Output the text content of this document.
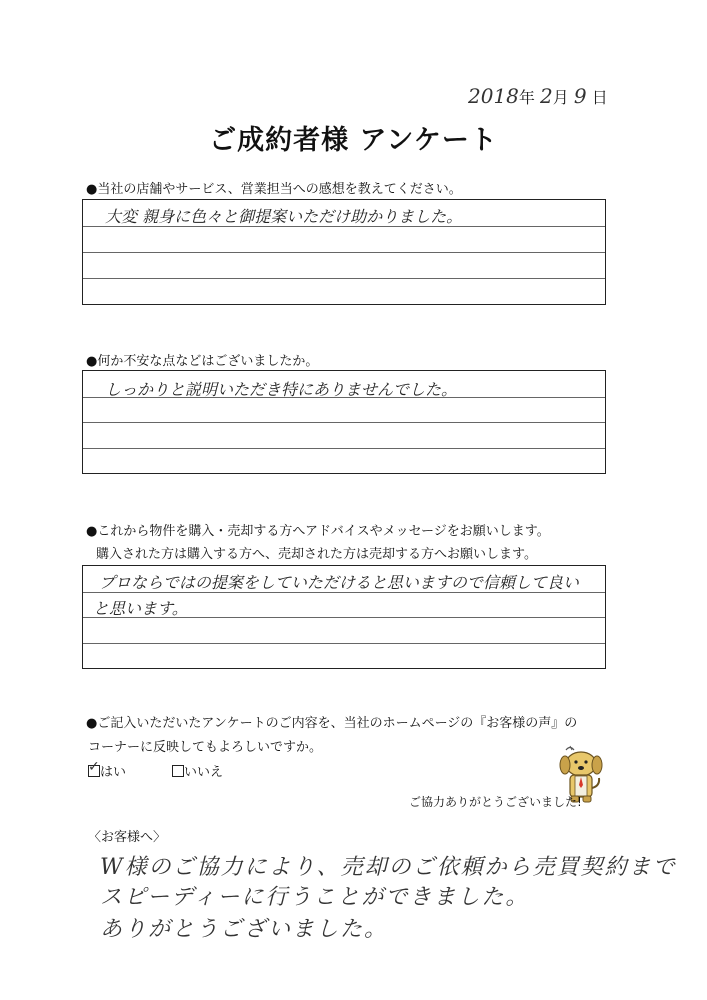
2018年 2月 9 日
ご成約者様 アンケート
●当社の店舗やサービス、営業担当への感想を教えてください。
大変 親身に色々と御提案いただけ助かりました。
●何か不安な点などはございましたか。
しっかりと説明いただき特にありませんでした。
●これから物件を購入・売却する方へアドバイスやメッセージをお願いします。
購入された方は購入する方へ、売却された方は売却する方へお願いします。
プロならではの提案をしていただけると思いますので信頼して良い
と思います。
●ご記入いただいたアンケートのご内容を、当社のホームページの『お客様の声』の
コーナーに反映してもよろしいですか。
✓ はい	いいえ
ご協力ありがとうございました!
〈お客様へ〉
W様のご協力により、売却のご依頼から売買契約まで
スピーディーに行うことができました。
ありがとうございました。
